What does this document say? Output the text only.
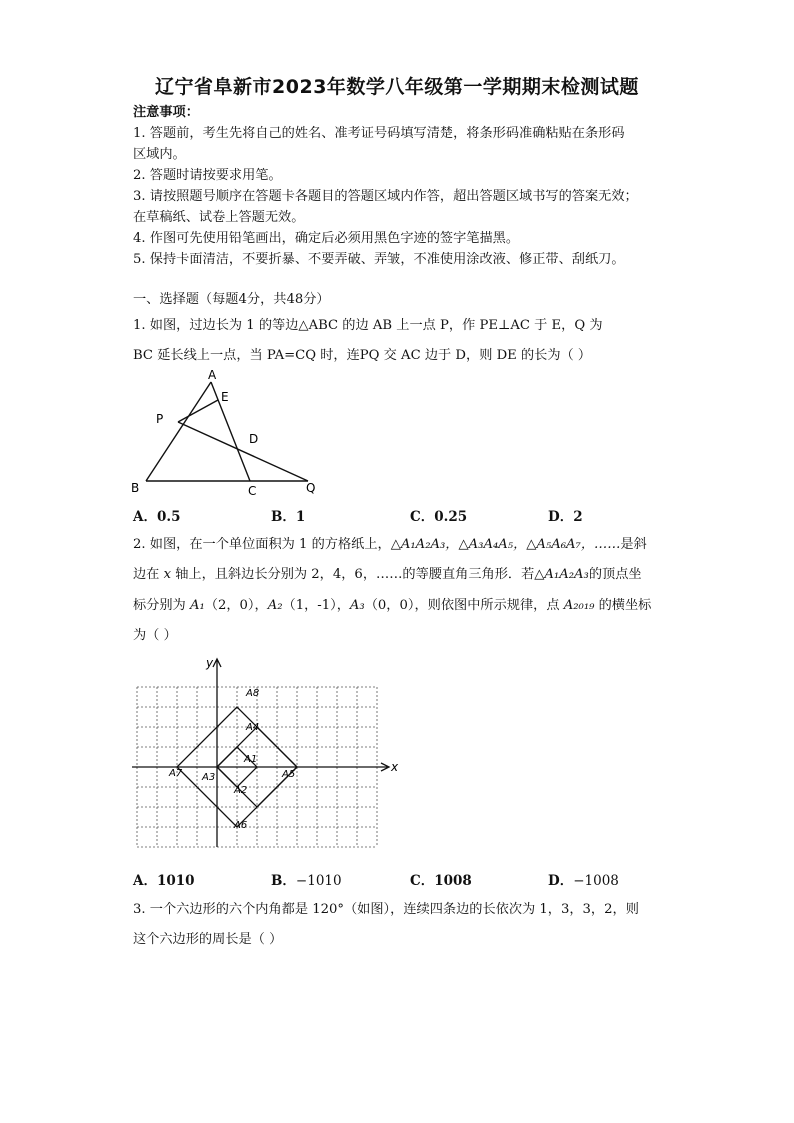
辽宁省阜新市2023年数学八年级第一学期期末检测试题
注意事项：
1. 答题前，考生先将自己的姓名、准考证号码填写清楚，将条形码准确粘贴在条形码
区域内。
2. 答题时请按要求用笔。
3. 请按照题号顺序在答题卡各题目的答题区域内作答，超出答题区域书写的答案无效；
在草稿纸、试卷上答题无效。
4. 作图可先使用铅笔画出，确定后必须用黑色字迹的签字笔描黑。
5. 保持卡面清洁，不要折暴、不要弄破、弄皱，不准使用涂改液、修正带、刮纸刀。
一、选择题（每题4分，共48分）
1. 如图，过边长为 1 的等边△ABC 的边 AB 上一点 P，作 PE⊥AC 于 E，Q 为
BC 延长线上一点，当 PA=CQ 时，连PQ 交 AC 边于 D，则 DE 的长为（ ）
A
E
P
D
B	C	Q
A．0.5	B．1	C．0.25	D．2
2. 如图，在一个单位面积为 1 的方格纸上，△A₁A₂A₃，△A₃A₄A₅，△A₅A₆A₇，……是斜
边在 x 轴上，且斜边长分别为 2，4，6，……的等腰直角三角形．若△A₁A₂A₃的顶点坐
标分别为 A₁（2，0），A₂（1，-1），A₃（0，0），则依图中所示规律，点 A₂₀₁₉ 的横坐标
为（ ）
y
x
A8
A4
A1
A7 A3	A5
A2
A6
A．1010	B．−1010	C．1008	D．−1008
3. 一个六边形的六个内角都是 120°（如图），连续四条边的长依次为 1，3，3，2，则
这个六边形的周长是（ ）
